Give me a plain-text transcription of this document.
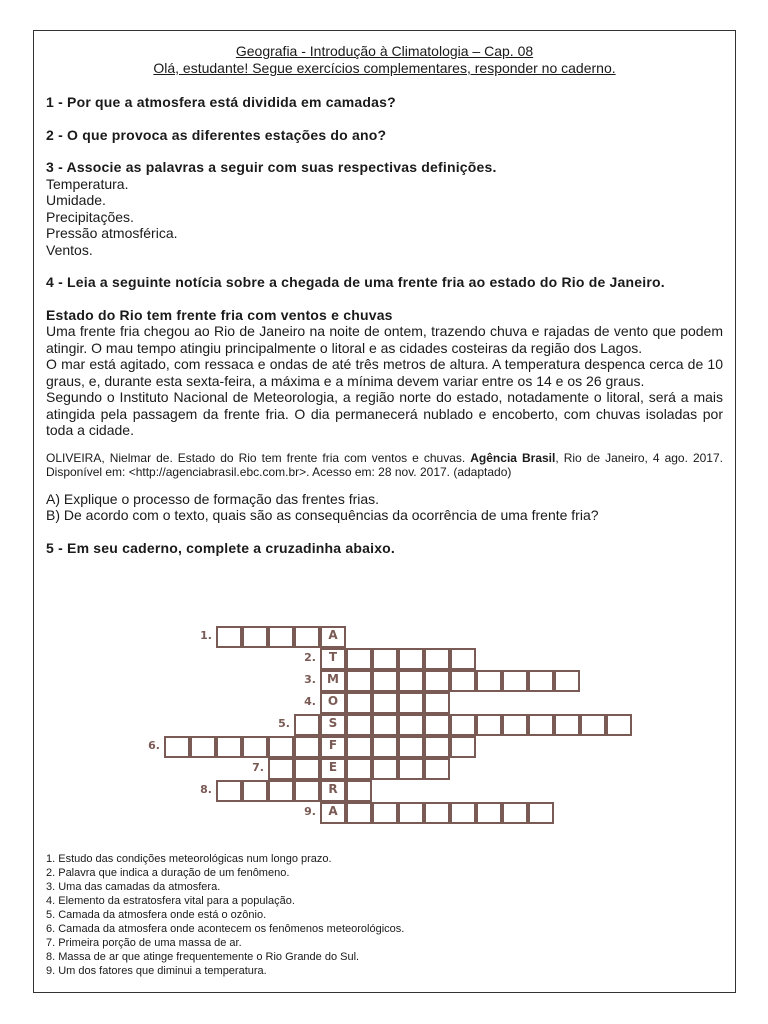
Geografia - Introdução à Climatologia – Cap. 08
Olá, estudante! Segue exercícios complementares, responder no caderno.
1 - Por que a atmosfera está dividida em camadas?
2 - O que provoca as diferentes estações do ano?
3 - Associe as palavras a seguir com suas respectivas definições.
Temperatura.
Umidade.
Precipitações.
Pressão atmosférica.
Ventos.
4 - Leia a seguinte notícia sobre a chegada de uma frente fria ao estado do Rio de Janeiro.
Estado do Rio tem frente fria com ventos e chuvas
Uma frente fria chegou ao Rio de Janeiro na noite de ontem, trazendo chuva e rajadas de vento que podem atingir. O mau tempo atingiu principalmente o litoral e as cidades costeiras da região dos Lagos.
O mar está agitado, com ressaca e ondas de até três metros de altura. A temperatura despenca cerca de 10 graus, e, durante esta sexta-feira, a máxima e a mínima devem variar entre os 14 e os 26 graus.
Segundo o Instituto Nacional de Meteorologia, a região norte do estado, notadamente o litoral, será a mais atingida pela passagem da frente fria. O dia permanecerá nublado e encoberto, com chuvas isoladas por toda a cidade.
OLIVEIRA, Nielmar de. Estado do Rio tem frente fria com ventos e chuvas. Agência Brasil, Rio de Janeiro, 4 ago. 2017. Disponível em: <http://agenciabrasil.ebc.com.br>. Acesso em: 28 nov. 2017. (adaptado)
A) Explique o processo de formação das frentes frias.
B) De acordo com o texto, quais são as consequências da ocorrência de uma frente fria?
5 - Em seu caderno, complete a cruzadinha abaixo.
A
1.
T
2.
M
3.
O
4.
S
5.
F
6.
E
7.
R
8.
A
9.
1. Estudo das condições meteorológicas num longo prazo.
2. Palavra que indica a duração de um fenômeno.
3. Uma das camadas da atmosfera.
4. Elemento da estratosfera vital para a população.
5. Camada da atmosfera onde está o ozônio.
6. Camada da atmosfera onde acontecem os fenômenos meteorológicos.
7. Primeira porção de uma massa de ar.
8. Massa de ar que atinge frequentemente o Rio Grande do Sul.
9. Um dos fatores que diminui a temperatura.
